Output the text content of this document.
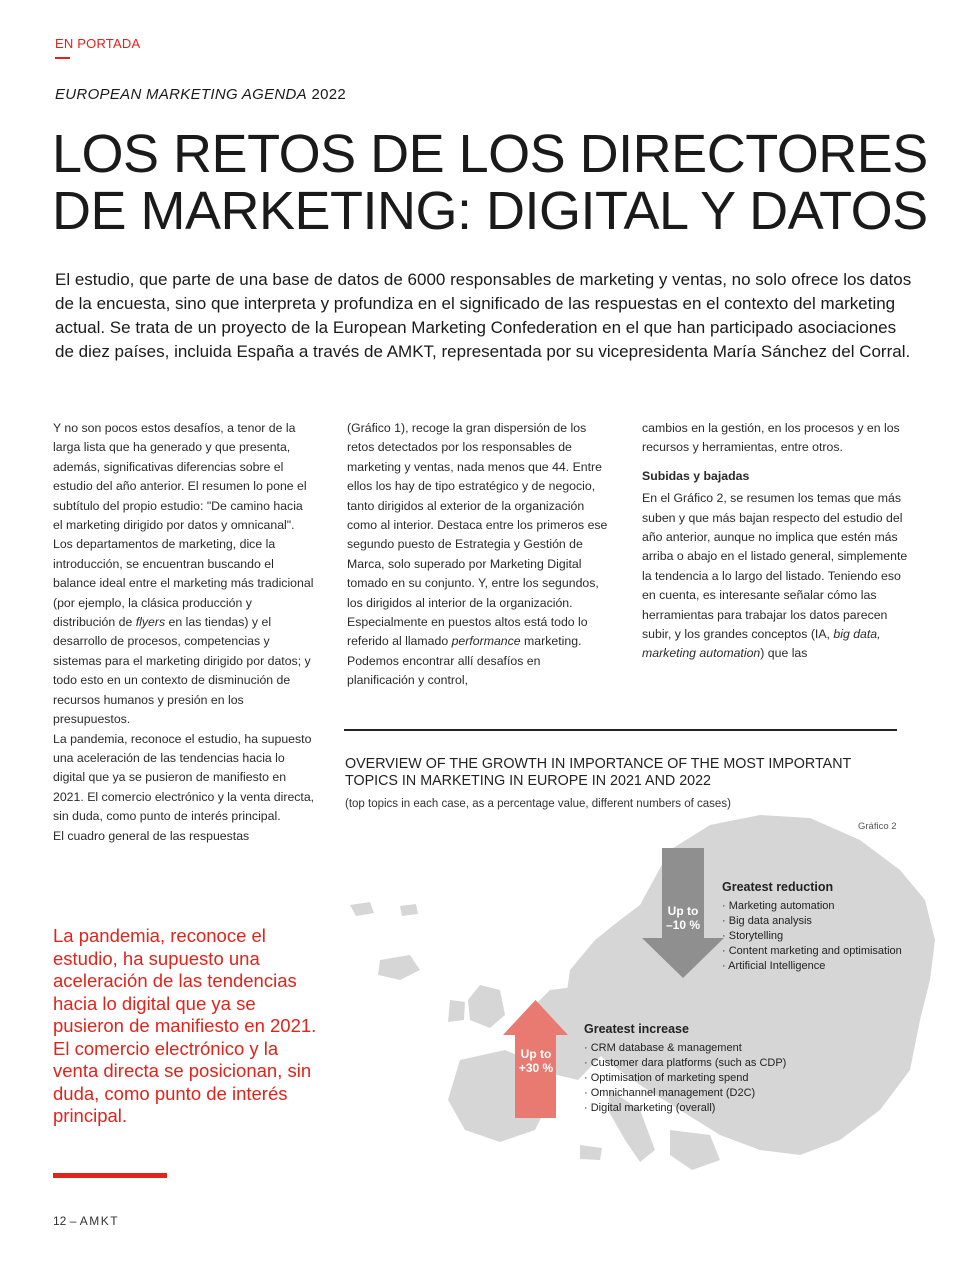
EN PORTADA
EUROPEAN MARKETING AGENDA 2022
LOS RETOS DE LOS DIRECTORES
DE MARKETING: DIGITAL Y DATOS

El estudio, que parte de una base de datos de 6000 responsables de marketing y ventas, no solo ofrece los datos de la encuesta, sino que interpreta y profundiza en el significado de las respuestas en el contexto del marketing actual. Se trata de un proyecto de la European Marketing Confederation en el que han participado asociaciones de diez países, incluida España a través de AMKT, representada por su vicepresidenta María Sánchez del Corral.

Y no son pocos estos desafíos, a tenor de la larga lista que ha generado y que presenta, además, significativas diferencias sobre el estudio del año anterior. El resumen lo pone el subtítulo del propio estudio: "De camino hacia el marketing dirigido por datos y omnicanal".

Los departamentos de marketing, dice la introducción, se encuentran buscando el balance ideal entre el marketing más tradicional (por ejemplo, la clásica producción y distribución de flyers en las tiendas) y el desarrollo de procesos, competencias y sistemas para el marketing dirigido por datos; y todo esto en un contexto de disminución de recursos humanos y presión en los presupuestos.

La pandemia, reconoce el estudio, ha supuesto una aceleración de las tendencias hacia lo digital que ya se pusieron de manifiesto en 2021. El comercio electrónico y la venta directa, sin duda, como punto de interés principal.

El cuadro general de las respuestas

(Gráfico 1), recoge la gran dispersión de los retos detectados por los responsables de marketing y ventas, nada menos que 44. Entre ellos los hay de tipo estratégico y de negocio, tanto dirigidos al exterior de la organización como al interior. Destaca entre los primeros ese segundo puesto de Estrategia y Gestión de Marca, solo superado por Marketing Digital tomado en su conjunto. Y, entre los segundos, los dirigidos al interior de la organización. Especialmente en puestos altos está todo lo referido al llamado performance marketing. Podemos encontrar allí desafíos en planificación y control,

cambios en la gestión, en los procesos y en los recursos y herramientas, entre otros.

Subidas y bajadas

En el Gráfico 2, se resumen los temas que más suben y que más bajan respecto del estudio del año anterior, aunque no implica que estén más arriba o abajo en el listado general, simplemente la tendencia a lo largo del listado. Teniendo eso en cuenta, es interesante señalar cómo las herramientas para trabajar los datos parecen subir, y los grandes conceptos (IA, big data, marketing automation) que las

La pandemia, reconoce el estudio, ha supuesto una aceleración de las tendencias hacia lo digital que ya se pusieron de manifiesto en 2021. El comercio electrónico y la venta directa se posicionan, sin duda, como punto de interés principal.

12 – AMKT

OVERVIEW OF THE GROWTH IN IMPORTANCE OF THE MOST IMPORTANT TOPICS IN MARKETING IN EUROPE IN 2021 AND 2022

(top topics in each case, as a percentage value, different numbers of cases)
Gráfico 2
Up to
–10 %
Up to
+30 %
Greatest reduction
· Marketing automation
· Big data analysis
· Storytelling
· Content marketing and optimisation
· Artificial Intelligence
Greatest increase
· CRM database & management
· Customer dara platforms (such as CDP)
· Optimisation of marketing spend
· Omnichannel management (D2C)
· Digital marketing (overall)
